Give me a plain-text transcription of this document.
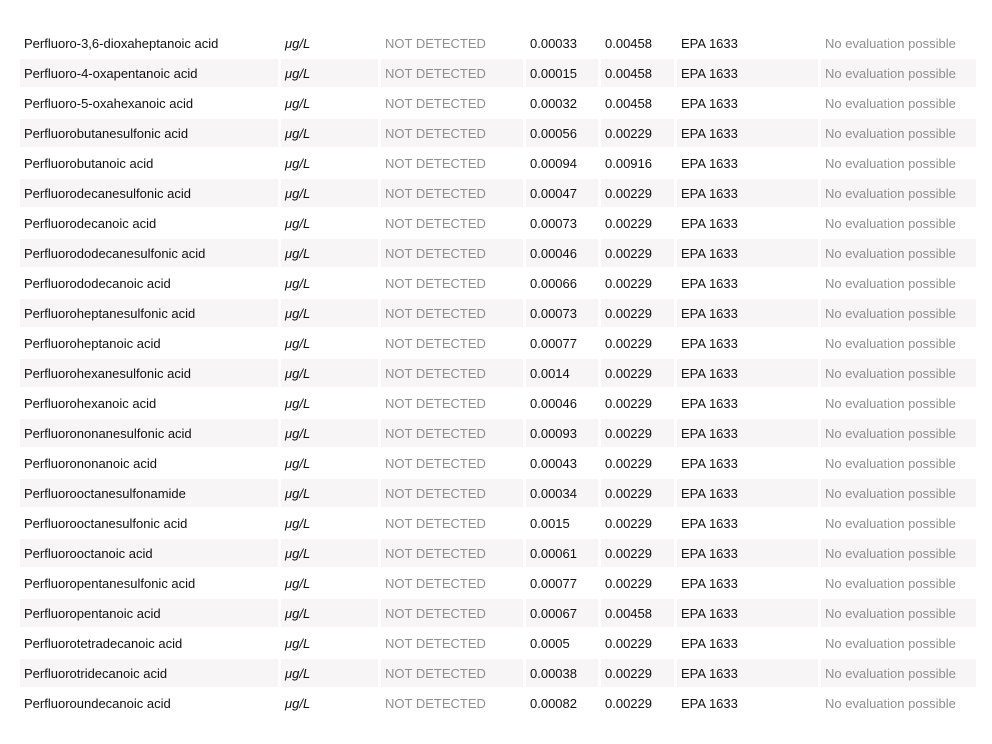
Perfluoro-3,6-dioxaheptanoic acid	μg/L	NOT DETECTED	0.00033	0.00458	EPA 1633	No evaluation possible
Perfluoro-4-oxapentanoic acid	μg/L	NOT DETECTED	0.00015	0.00458	EPA 1633	No evaluation possible
Perfluoro-5-oxahexanoic acid	μg/L	NOT DETECTED	0.00032	0.00458	EPA 1633	No evaluation possible
Perfluorobutanesulfonic acid	μg/L	NOT DETECTED	0.00056	0.00229	EPA 1633	No evaluation possible
Perfluorobutanoic acid	μg/L	NOT DETECTED	0.00094	0.00916	EPA 1633	No evaluation possible
Perfluorodecanesulfonic acid	μg/L	NOT DETECTED	0.00047	0.00229	EPA 1633	No evaluation possible
Perfluorodecanoic acid	μg/L	NOT DETECTED	0.00073	0.00229	EPA 1633	No evaluation possible
Perfluorododecanesulfonic acid	μg/L	NOT DETECTED	0.00046	0.00229	EPA 1633	No evaluation possible
Perfluorododecanoic acid	μg/L	NOT DETECTED	0.00066	0.00229	EPA 1633	No evaluation possible
Perfluoroheptanesulfonic acid	μg/L	NOT DETECTED	0.00073	0.00229	EPA 1633	No evaluation possible
Perfluoroheptanoic acid	μg/L	NOT DETECTED	0.00077	0.00229	EPA 1633	No evaluation possible
Perfluorohexanesulfonic acid	μg/L	NOT DETECTED	0.0014	0.00229	EPA 1633	No evaluation possible
Perfluorohexanoic acid	μg/L	NOT DETECTED	0.00046	0.00229	EPA 1633	No evaluation possible
Perfluorononanesulfonic acid	μg/L	NOT DETECTED	0.00093	0.00229	EPA 1633	No evaluation possible
Perfluorononanoic acid	μg/L	NOT DETECTED	0.00043	0.00229	EPA 1633	No evaluation possible
Perfluorooctanesulfonamide	μg/L	NOT DETECTED	0.00034	0.00229	EPA 1633	No evaluation possible
Perfluorooctanesulfonic acid	μg/L	NOT DETECTED	0.0015	0.00229	EPA 1633	No evaluation possible
Perfluorooctanoic acid	μg/L	NOT DETECTED	0.00061	0.00229	EPA 1633	No evaluation possible
Perfluoropentanesulfonic acid	μg/L	NOT DETECTED	0.00077	0.00229	EPA 1633	No evaluation possible
Perfluoropentanoic acid	μg/L	NOT DETECTED	0.00067	0.00458	EPA 1633	No evaluation possible
Perfluorotetradecanoic acid	μg/L	NOT DETECTED	0.0005	0.00229	EPA 1633	No evaluation possible
Perfluorotridecanoic acid	μg/L	NOT DETECTED	0.00038	0.00229	EPA 1633	No evaluation possible
Perfluoroundecanoic acid	μg/L	NOT DETECTED	0.00082	0.00229	EPA 1633	No evaluation possible
